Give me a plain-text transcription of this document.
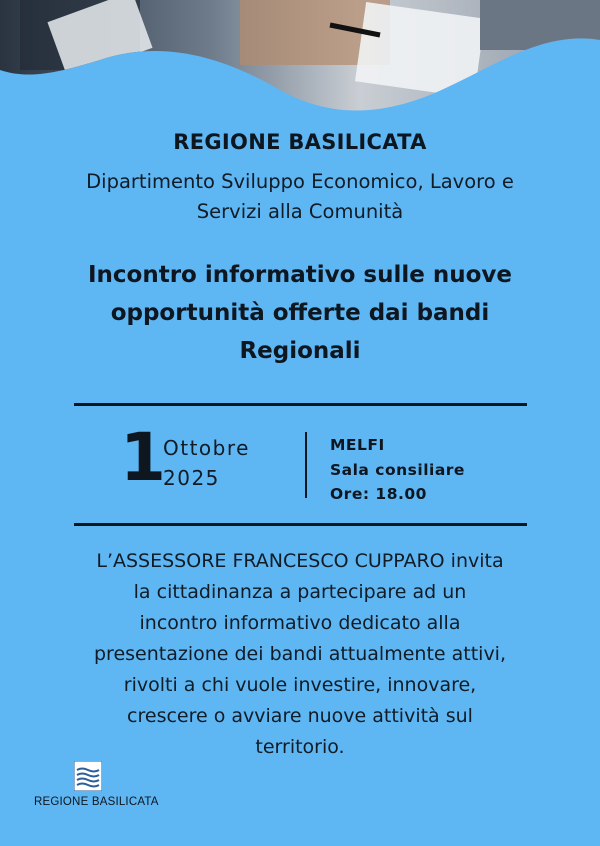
REGIONE BASILICATA
Dipartimento Sviluppo Economico, Lavoro e
Servizi alla Comunità
Incontro informativo sulle nuove
opportunità offerte dai bandi
Regionali
1
Ottobre
2025
MELFI
Sala consiliare
Ore: 18.00
L’ASSESSORE FRANCESCO CUPPARO invita
la cittadinanza a partecipare ad un
incontro informativo dedicato alla
presentazione dei bandi attualmente attivi,
rivolti a chi vuole investire, innovare,
crescere o avviare nuove attività sul
territorio.
REGIONE BASILICATA
